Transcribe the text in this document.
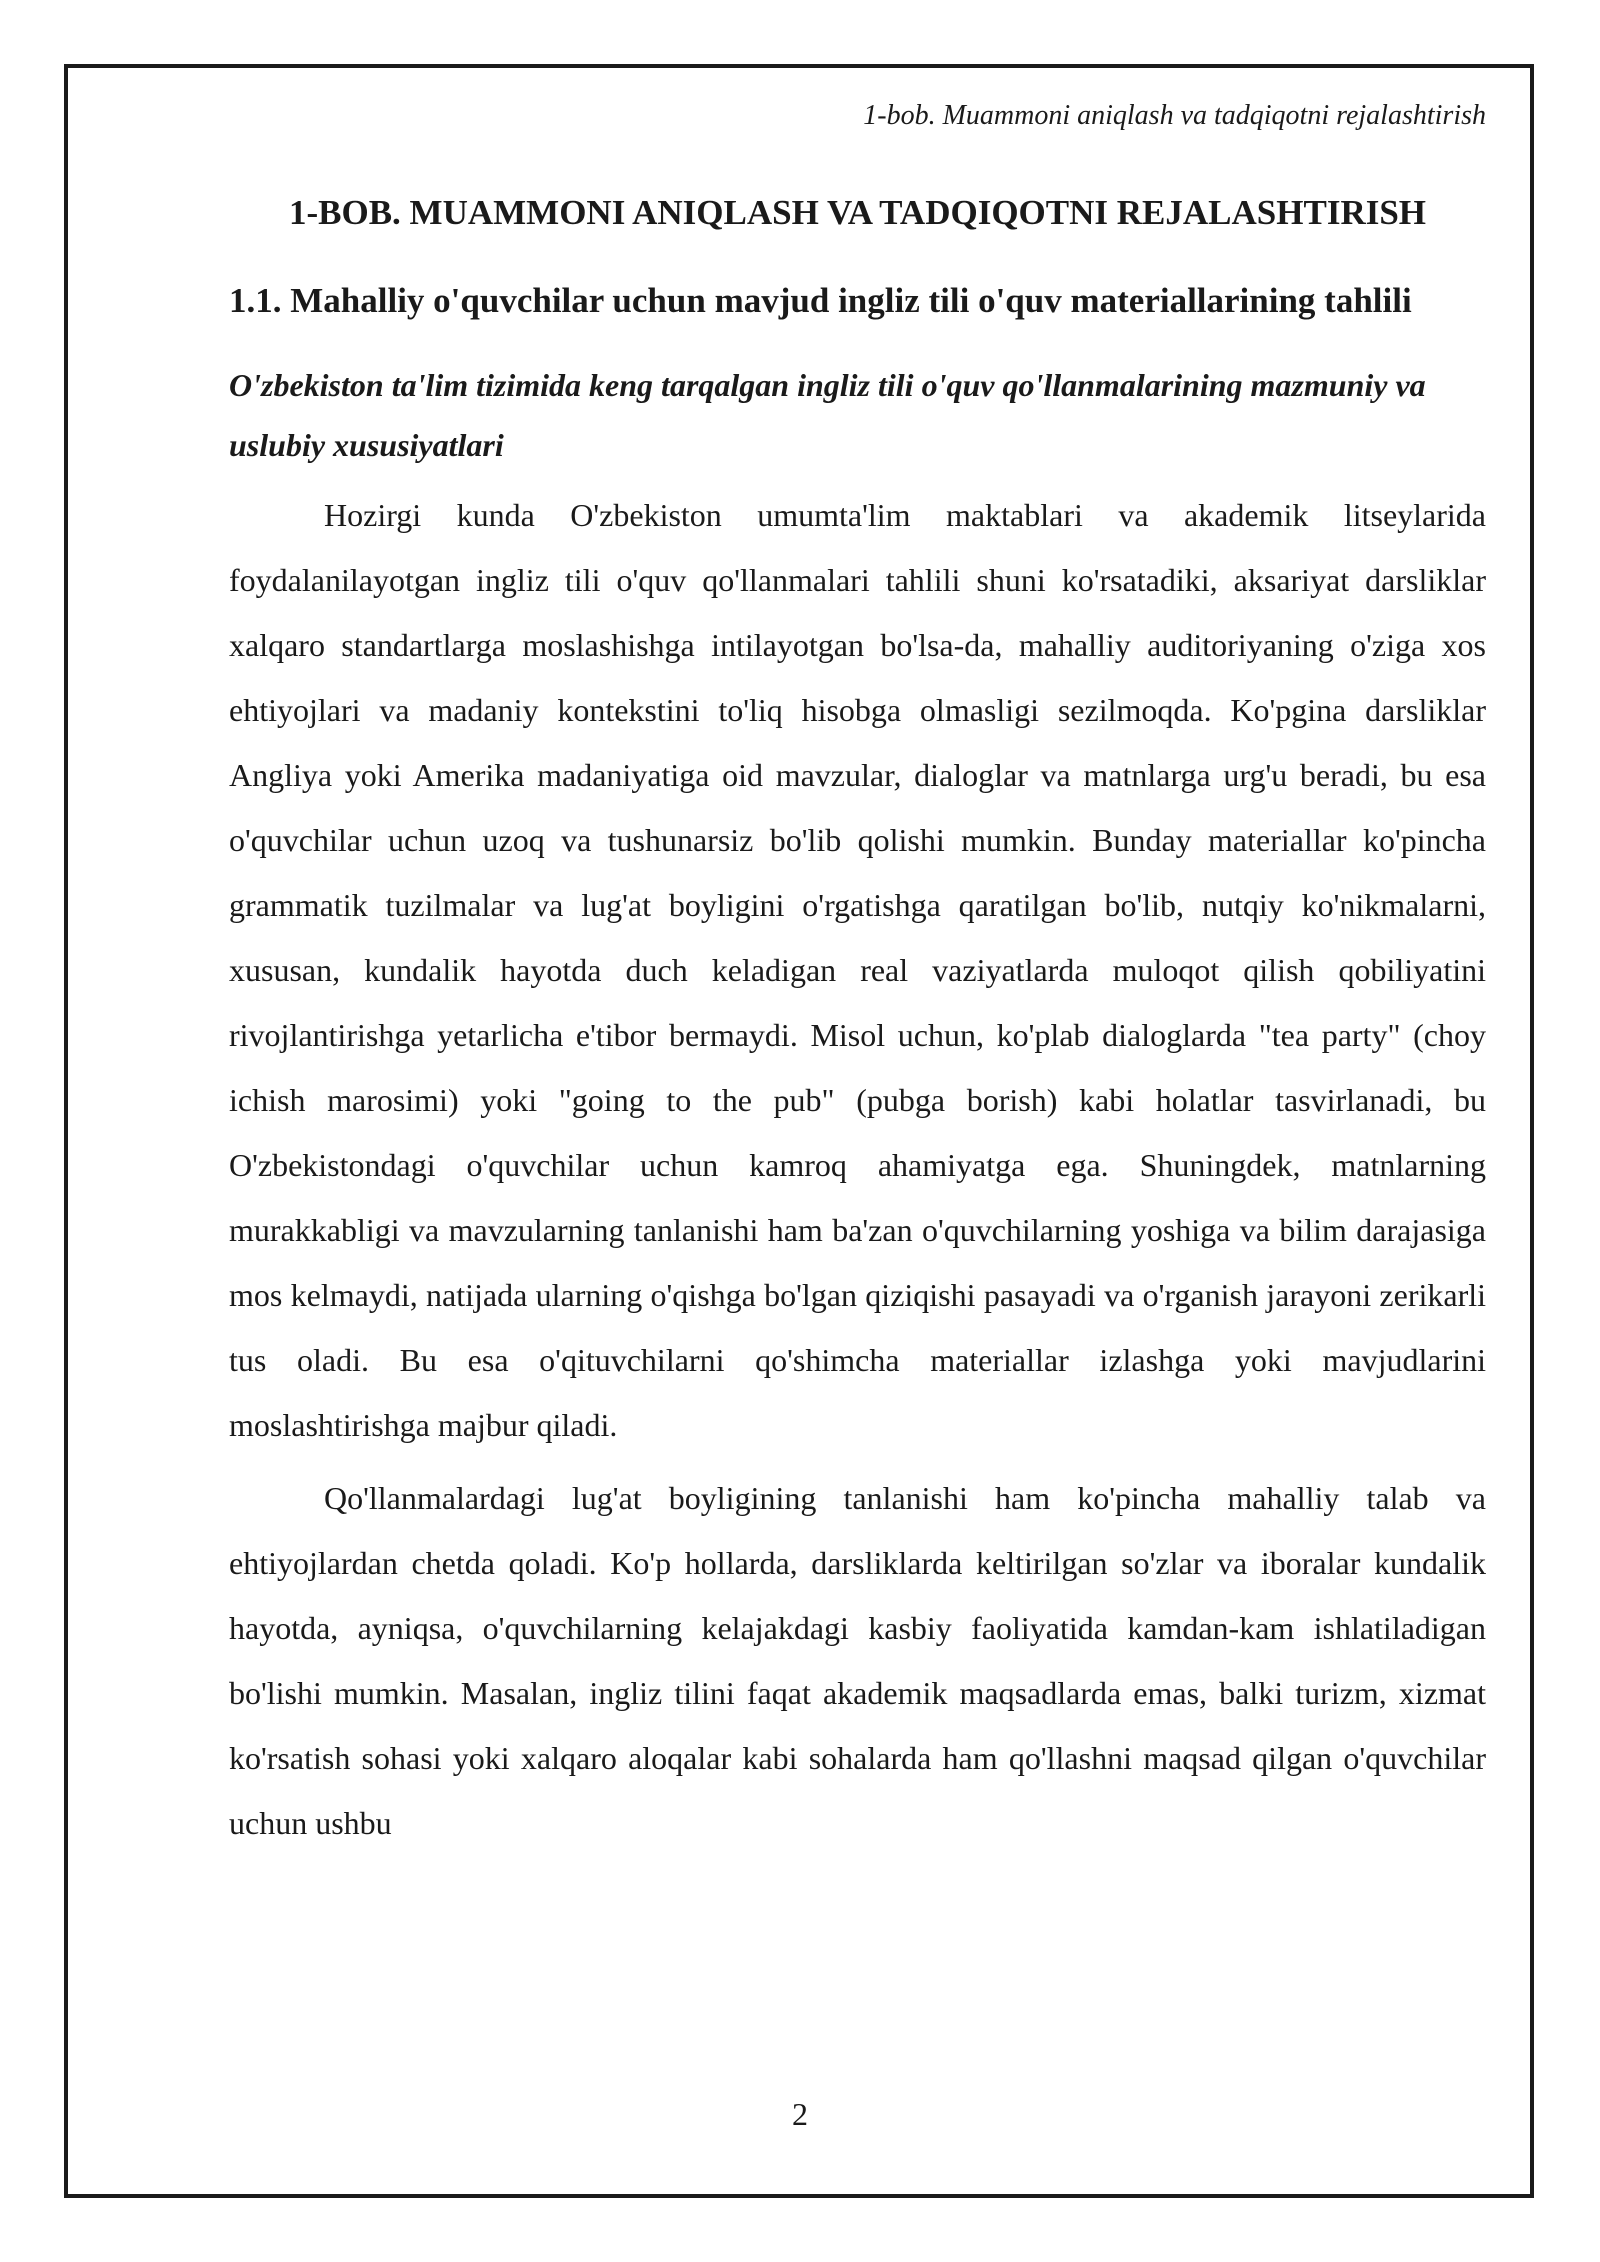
1-bob. Muammoni aniqlash va tadqiqotni rejalashtirish
1-BOB. MUAMMONI ANIQLASH VA TADQIQOTNI REJALASHTIRISH
1.1. Mahalliy o'quvchilar uchun mavjud ingliz tili o'quv materiallarining tahlili
O'zbekiston ta'lim tizimida keng tarqalgan ingliz tili o'quv qo'llanmalarining mazmuniy va uslubiy xususiyatlari

Hozirgi kunda O'zbekiston umumta'lim maktablari va akademik litseylarida foydalanilayotgan ingliz tili o'quv qo'llanmalari tahlili shuni ko'rsatadiki, aksariyat darsliklar xalqaro standartlarga moslashishga intilayotgan bo'lsa-da, mahalliy auditoriyaning o'ziga xos ehtiyojlari va madaniy kontekstini to'liq hisobga olmasligi sezilmoqda. Ko'pgina darsliklar Angliya yoki Amerika madaniyatiga oid mavzular, dialoglar va matnlarga urg'u beradi, bu esa o'quvchilar uchun uzoq va tushunarsiz bo'lib qolishi mumkin. Bunday materiallar ko'pincha grammatik tuzilmalar va lug'at boyligini o'rgatishga qaratilgan bo'lib, nutqiy ko'nikmalarni, xususan, kundalik hayotda duch keladigan real vaziyatlarda muloqot qilish qobiliyatini rivojlantirishga yetarlicha e'tibor bermaydi. Misol uchun, ko'plab dialoglarda "tea party" (choy ichish marosimi) yoki "going to the pub" (pubga borish) kabi holatlar tasvirlanadi, bu O'zbekistondagi o'quvchilar uchun kamroq ahamiyatga ega. Shuningdek, matnlarning murakkabligi va mavzularning tanlanishi ham ba'zan o'quvchilarning yoshiga va bilim darajasiga mos kelmaydi, natijada ularning o'qishga bo'lgan qiziqishi pasayadi va o'rganish jarayoni zerikarli tus oladi. Bu esa o'qituvchilarni qo'shimcha materiallar izlashga yoki mavjudlarini moslashtirishga majbur qiladi.

Qo'llanmalardagi lug'at boyligining tanlanishi ham ko'pincha mahalliy talab va ehtiyojlardan chetda qoladi. Ko'p hollarda, darsliklarda keltirilgan so'zlar va iboralar kundalik hayotda, ayniqsa, o'quvchilarning kelajakdagi kasbiy faoliyatida kamdan-kam ishlatiladigan bo'lishi mumkin. Masalan, ingliz tilini faqat akademik maqsadlarda emas, balki turizm, xizmat ko'rsatish sohasi yoki xalqaro aloqalar kabi sohalarda ham qo'llashni maqsad qilgan o'quvchilar uchun ushbu

2
